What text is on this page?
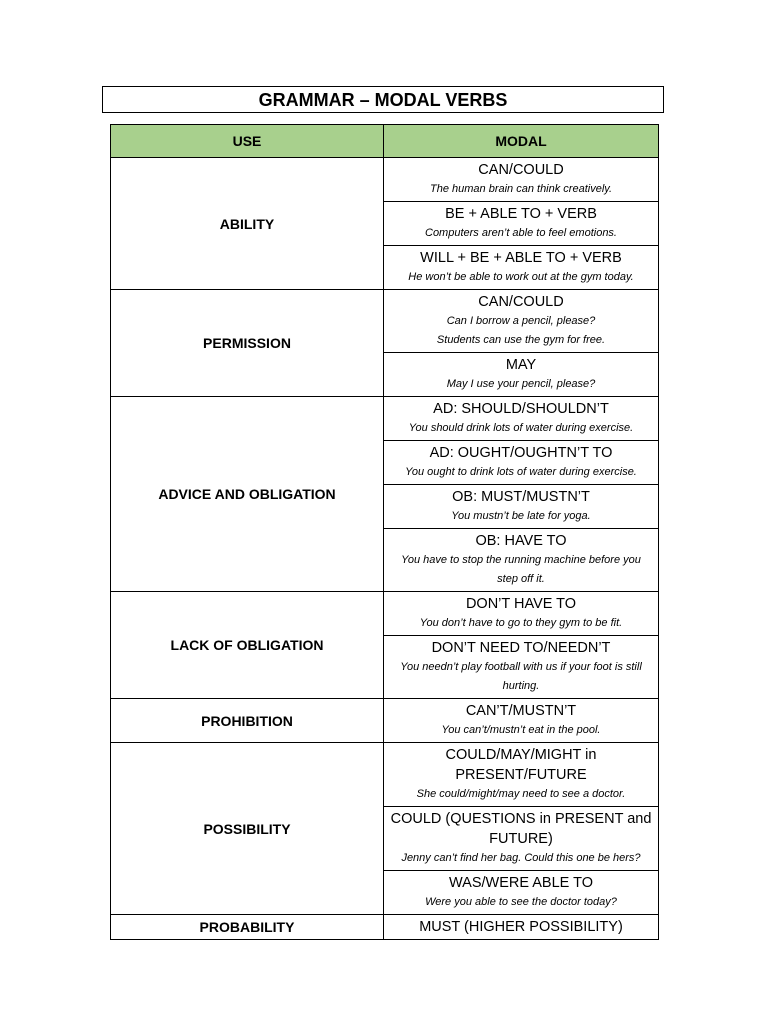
GRAMMAR – MODAL VERBS
USE	MODAL
ABILITY	CAN/COULD
The human brain can think creatively.

	BE + ABLE TO + VERB
Computers aren’t able to feel emotions.

	WILL + BE + ABLE TO + VERB
He won’t be able to work out at the gym today.

PERMISSION	CAN/COULD
Can I borrow a pencil, please?
Students can use the gym for free.

	MAY
May I use your pencil, please?

ADVICE AND OBLIGATION	AD: SHOULD/SHOULDN’T
You should drink lots of water during exercise.

	AD: OUGHT/OUGHTN’T TO
You ought to drink lots of water during exercise.

	OB: MUST/MUSTN’T
You mustn’t be late for yoga.

	OB: HAVE TO
You have to stop the running machine before you step off it.

LACK OF OBLIGATION	DON’T HAVE TO
You don’t have to go to they gym to be fit.

	DON’T NEED TO/NEEDN’T
You needn’t play football with us if your foot is still hurting.

PROHIBITION	CAN’T/MUSTN’T
You can’t/mustn’t eat in the pool.

POSSIBILITY	COULD/MAY/MIGHT in PRESENT/FUTURE
She could/might/may need to see a doctor.

	COULD (QUESTIONS in PRESENT and FUTURE)
Jenny can’t find her bag. Could this one be hers?

	WAS/WERE ABLE TO
Were you able to see the doctor today?

PROBABILITY	MUST (HIGHER POSSIBILITY)
